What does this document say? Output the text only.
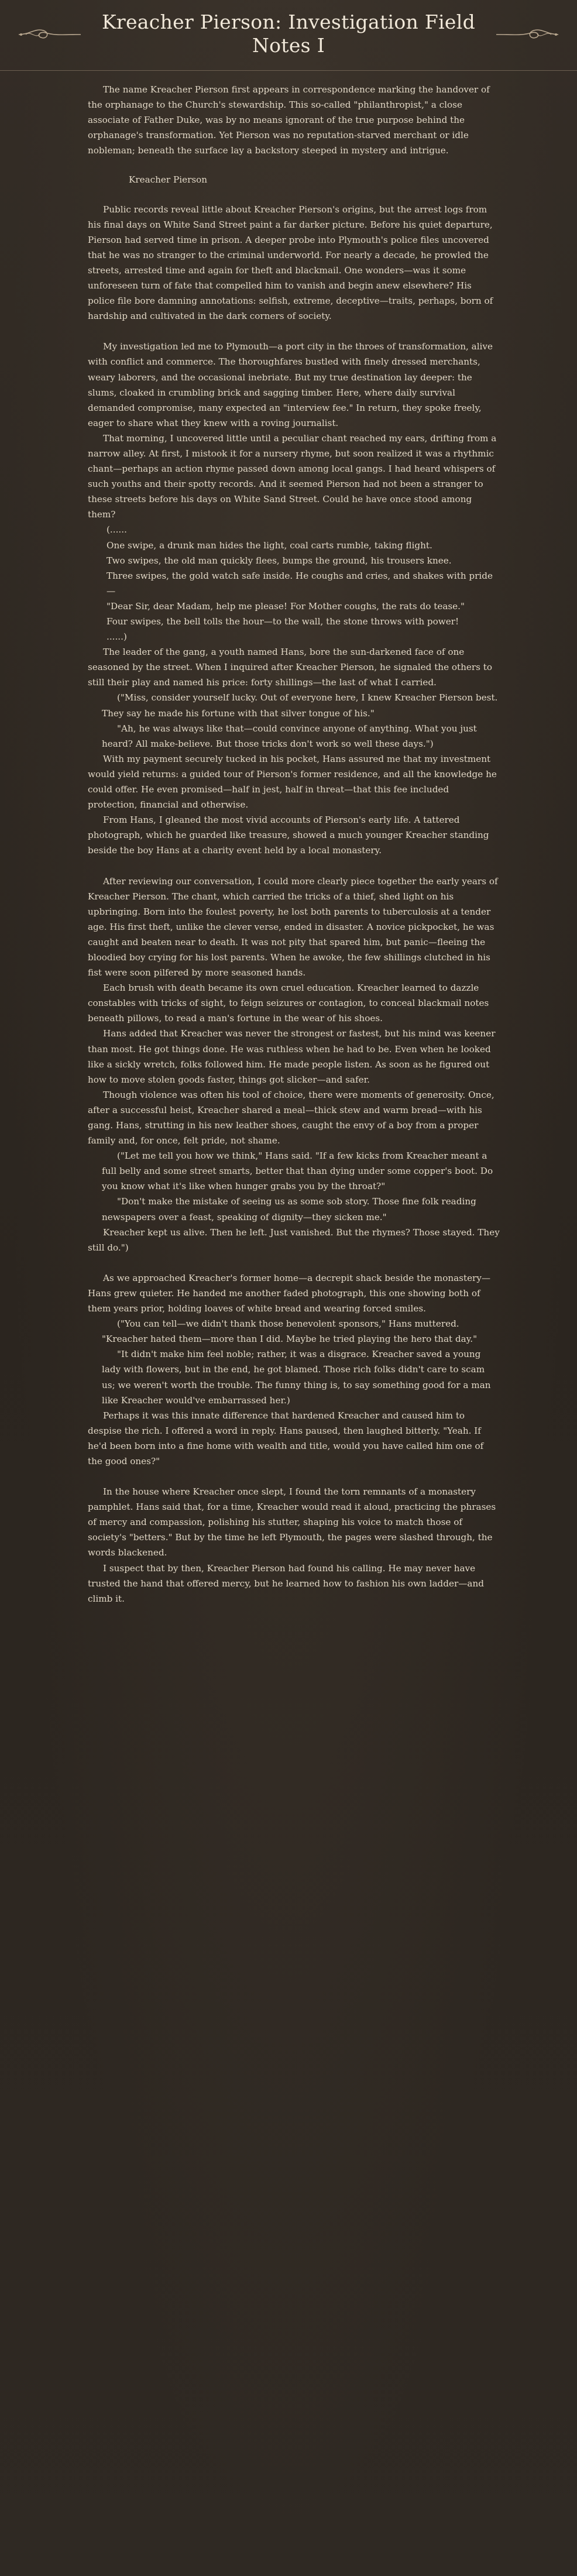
Kreacher Pierson: Investigation Field Notes I

The name Kreacher Pierson first appears in correspondence marking the handover of the orphanage to the Church's stewardship. This so-called "philanthropist," a close associate of Father Duke, was by no means ignorant of the true purpose behind the orphanage's transformation. Yet Pierson was no reputation-starved merchant or idle nobleman; beneath the surface lay a backstory steeped in mystery and intrigue.

Kreacher Pierson

Public records reveal little about Kreacher Pierson's origins, but the arrest logs from his final days on White Sand Street paint a far darker picture. Before his quiet departure, Pierson had served time in prison. A deeper probe into Plymouth's police files uncovered that he was no stranger to the criminal underworld. For nearly a decade, he prowled the streets, arrested time and again for theft and blackmail. One wonders—was it some unforeseen turn of fate that compelled him to vanish and begin anew elsewhere? His police file bore damning annotations: selfish, extreme, deceptive—traits, perhaps, born of hardship and cultivated in the dark corners of society.

My investigation led me to Plymouth—a port city in the throes of transformation, alive with conflict and commerce. The thoroughfares bustled with finely dressed merchants, weary laborers, and the occasional inebriate. But my true destination lay deeper: the slums, cloaked in crumbling brick and sagging timber. Here, where daily survival demanded compromise, many expected an "interview fee." In return, they spoke freely, eager to share what they knew with a roving journalist.

That morning, I uncovered little until a peculiar chant reached my ears, drifting from a narrow alley. At first, I mistook it for a nursery rhyme, but soon realized it was a rhythmic chant—perhaps an action rhyme passed down among local gangs. I had heard whispers of such youths and their spotty records. And it seemed Pierson had not been a stranger to these streets before his days on White Sand Street. Could he have once stood among them?

(......

One swipe, a drunk man hides the light, coal carts rumble, taking flight.

Two swipes, the old man quickly flees, bumps the ground, his trousers knee.

Three swipes, the gold watch safe inside. He coughs and cries, and shakes with pride—

"Dear Sir, dear Madam, help me please! For Mother coughs, the rats do tease."

Four swipes, the bell tolls the hour—to the wall, the stone throws with power!

......)

The leader of the gang, a youth named Hans, bore the sun-darkened face of one seasoned by the street. When I inquired after Kreacher Pierson, he signaled the others to still their play and named his price: forty shillings—the last of what I carried.

("Miss, consider yourself lucky. Out of everyone here, I knew Kreacher Pierson best. They say he made his fortune with that silver tongue of his."

"Ah, he was always like that—could convince anyone of anything. What you just heard? All make-believe. But those tricks don't work so well these days.")

With my payment securely tucked in his pocket, Hans assured me that my investment would yield returns: a guided tour of Pierson's former residence, and all the knowledge he could offer. He even promised—half in jest, half in threat—that this fee included protection, financial and otherwise.

From Hans, I gleaned the most vivid accounts of Pierson's early life. A tattered photograph, which he guarded like treasure, showed a much younger Kreacher standing beside the boy Hans at a charity event held by a local monastery.

After reviewing our conversation, I could more clearly piece together the early years of Kreacher Pierson. The chant, which carried the tricks of a thief, shed light on his upbringing. Born into the foulest poverty, he lost both parents to tuberculosis at a tender age. His first theft, unlike the clever verse, ended in disaster. A novice pickpocket, he was caught and beaten near to death. It was not pity that spared him, but panic—fleeing the bloodied boy crying for his lost parents. When he awoke, the few shillings clutched in his fist were soon pilfered by more seasoned hands.

Each brush with death became its own cruel education. Kreacher learned to dazzle constables with tricks of sight, to feign seizures or contagion, to conceal blackmail notes beneath pillows, to read a man's fortune in the wear of his shoes.

Hans added that Kreacher was never the strongest or fastest, but his mind was keener than most. He got things done. He was ruthless when he had to be. Even when he looked like a sickly wretch, folks followed him. He made people listen. As soon as he figured out how to move stolen goods faster, things got slicker—and safer.

Though violence was often his tool of choice, there were moments of generosity. Once, after a successful heist, Kreacher shared a meal—thick stew and warm bread—with his gang. Hans, strutting in his new leather shoes, caught the envy of a boy from a proper family and, for once, felt pride, not shame.

("Let me tell you how we think," Hans said. "If a few kicks from Kreacher meant a full belly and some street smarts, better that than dying under some copper's boot. Do you know what it's like when hunger grabs you by the throat?"

"Don't make the mistake of seeing us as some sob story. Those fine folk reading newspapers over a feast, speaking of dignity—they sicken me."

Kreacher kept us alive. Then he left. Just vanished. But the rhymes? Those stayed. They still do.")

As we approached Kreacher's former home—a decrepit shack beside the monastery—Hans grew quieter. He handed me another faded photograph, this one showing both of them years prior, holding loaves of white bread and wearing forced smiles.

("You can tell—we didn't thank those benevolent sponsors," Hans muttered. "Kreacher hated them—more than I did. Maybe he tried playing the hero that day."

"It didn't make him feel noble; rather, it was a disgrace. Kreacher saved a young lady with flowers, but in the end, he got blamed. Those rich folks didn't care to scam us; we weren't worth the trouble. The funny thing is, to say something good for a man like Kreacher would've embarrassed her.)

Perhaps it was this innate difference that hardened Kreacher and caused him to despise the rich. I offered a word in reply. Hans paused, then laughed bitterly. "Yeah. If he'd been born into a fine home with wealth and title, would you have called him one of the good ones?"

In the house where Kreacher once slept, I found the torn remnants of a monastery pamphlet. Hans said that, for a time, Kreacher would read it aloud, practicing the phrases of mercy and compassion, polishing his stutter, shaping his voice to match those of society's "betters." But by the time he left Plymouth, the pages were slashed through, the words blackened.

I suspect that by then, Kreacher Pierson had found his calling. He may never have trusted the hand that offered mercy, but he learned how to fashion his own ladder—and climb it.
